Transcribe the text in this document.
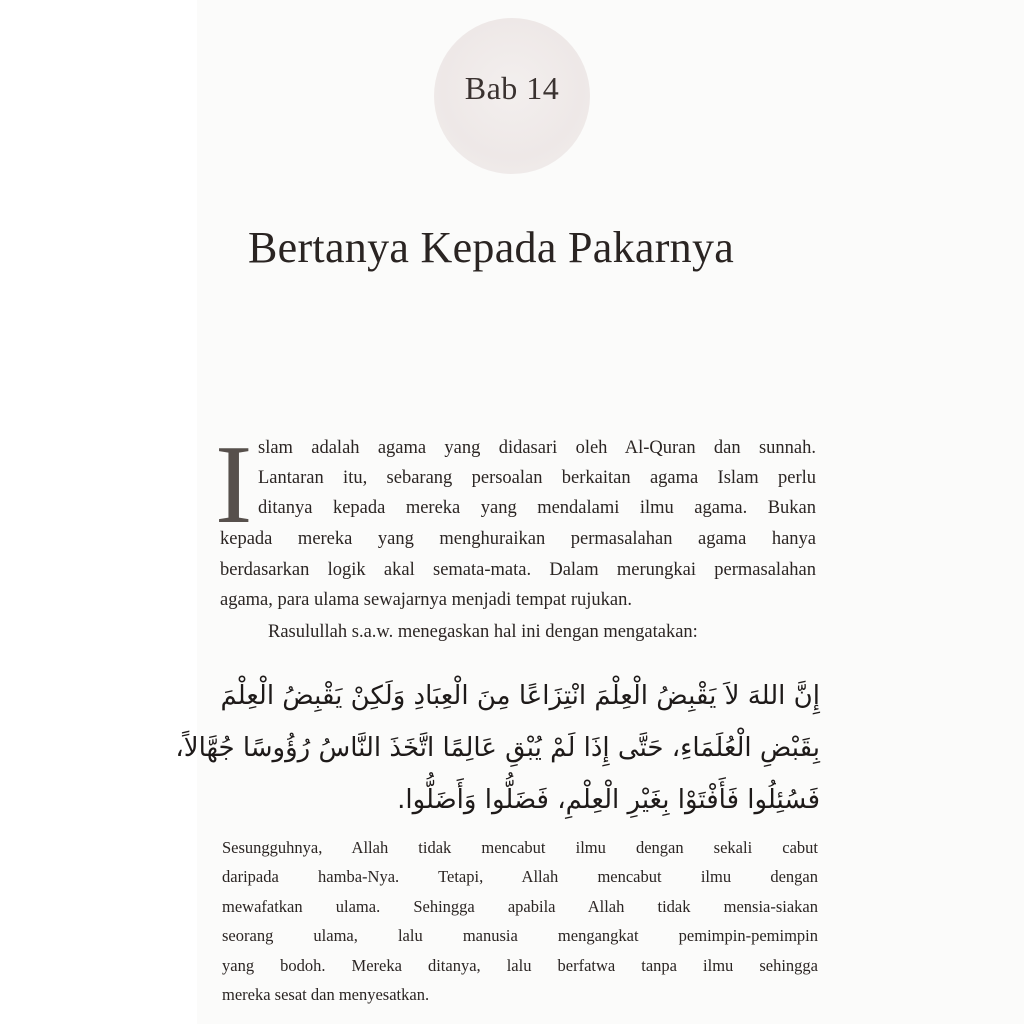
Bab 14
Bertanya Kepada Pakarnya
I slam adalah agama yang didasari oleh Al-Quran dan sunnah.
Lantaran itu, sebarang persoalan berkaitan agama Islam perlu
ditanya kepada mereka yang mendalami ilmu agama. Bukan
kepada mereka yang menghuraikan permasalahan agama hanya
berdasarkan logik akal semata-mata. Dalam merungkai permasalahan
agama, para ulama sewajarnya menjadi tempat rujukan.
Rasulullah s.a.w. menegaskan hal ini dengan mengatakan:
إِنَّ اللهَ لاَ يَقْبِضُ الْعِلْمَ انْتِزَاعًا مِنَ الْعِبَادِ وَلَكِنْ يَقْبِضُ الْعِلْمَ
بِقَبْضِ الْعُلَمَاءِ، حَتَّى إِذَا لَمْ يُبْقِ عَالِمًا اتَّخَذَ النَّاسُ رُؤُوسًا جُهَّالاً،
فَسُئِلُوا فَأَفْتَوْا بِغَيْرِ الْعِلْمِ، فَضَلُّوا وَأَضَلُّوا.
Sesungguhnya, Allah tidak mencabut ilmu dengan sekali cabut
daripada hamba-Nya. Tetapi, Allah mencabut ilmu dengan
mewafatkan ulama. Sehingga apabila Allah tidak mensia-siakan
seorang ulama, lalu manusia mengangkat pemimpin-pemimpin
yang bodoh. Mereka ditanya, lalu berfatwa tanpa ilmu sehingga
mereka sesat dan menyesatkan.
